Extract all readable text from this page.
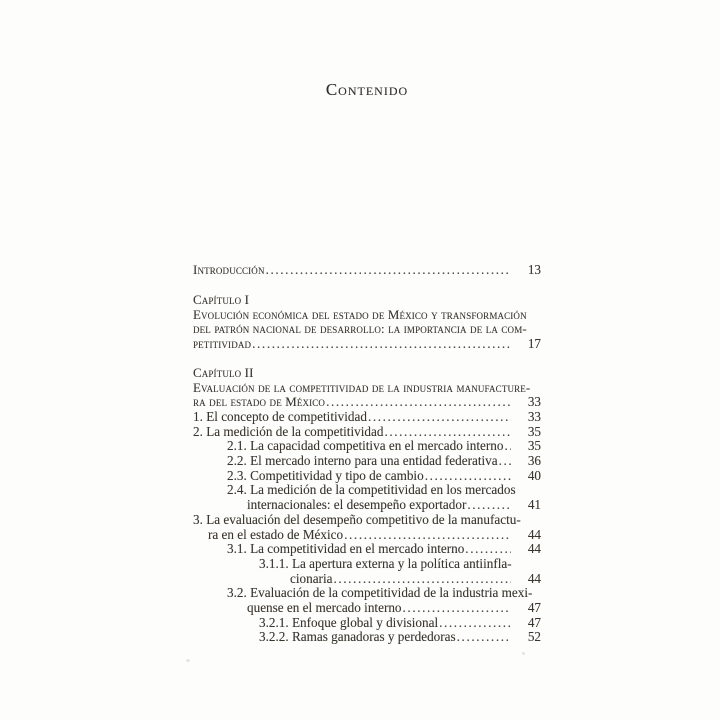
Contenido
Introducción .....	13
Capítulo I
Evolución económica del estado de México y transformación
del patrón nacional de desarrollo: la importancia de la com-
petitividad .....	17
Capítulo II
Evaluación de la competitividad de la industria manufacture-
ra del estado de México .....	33
1. El concepto de competitividad .....	33
2. La medición de la competitividad .....	35
2.1. La capacidad competitiva en el mercado interno .....	35
2.2. El mercado interno para una entidad federativa .....	36
2.3. Competitividad y tipo de cambio .....	40
2.4. La medición de la competitividad en los mercados
internacionales: el desempeño exportador .....	41
3. La evaluación del desempeño competitivo de la manufactu-
ra en el estado de México .....	44
3.1. La competitividad en el mercado interno .....	44
3.1.1. La apertura externa y la política antiinfla-
cionaria .....	44
3.2. Evaluación de la competitividad de la industria mexi-
quense en el mercado interno .....	47
3.2.1. Enfoque global y divisional .....	47
3.2.2. Ramas ganadoras y perdedoras .....	52
